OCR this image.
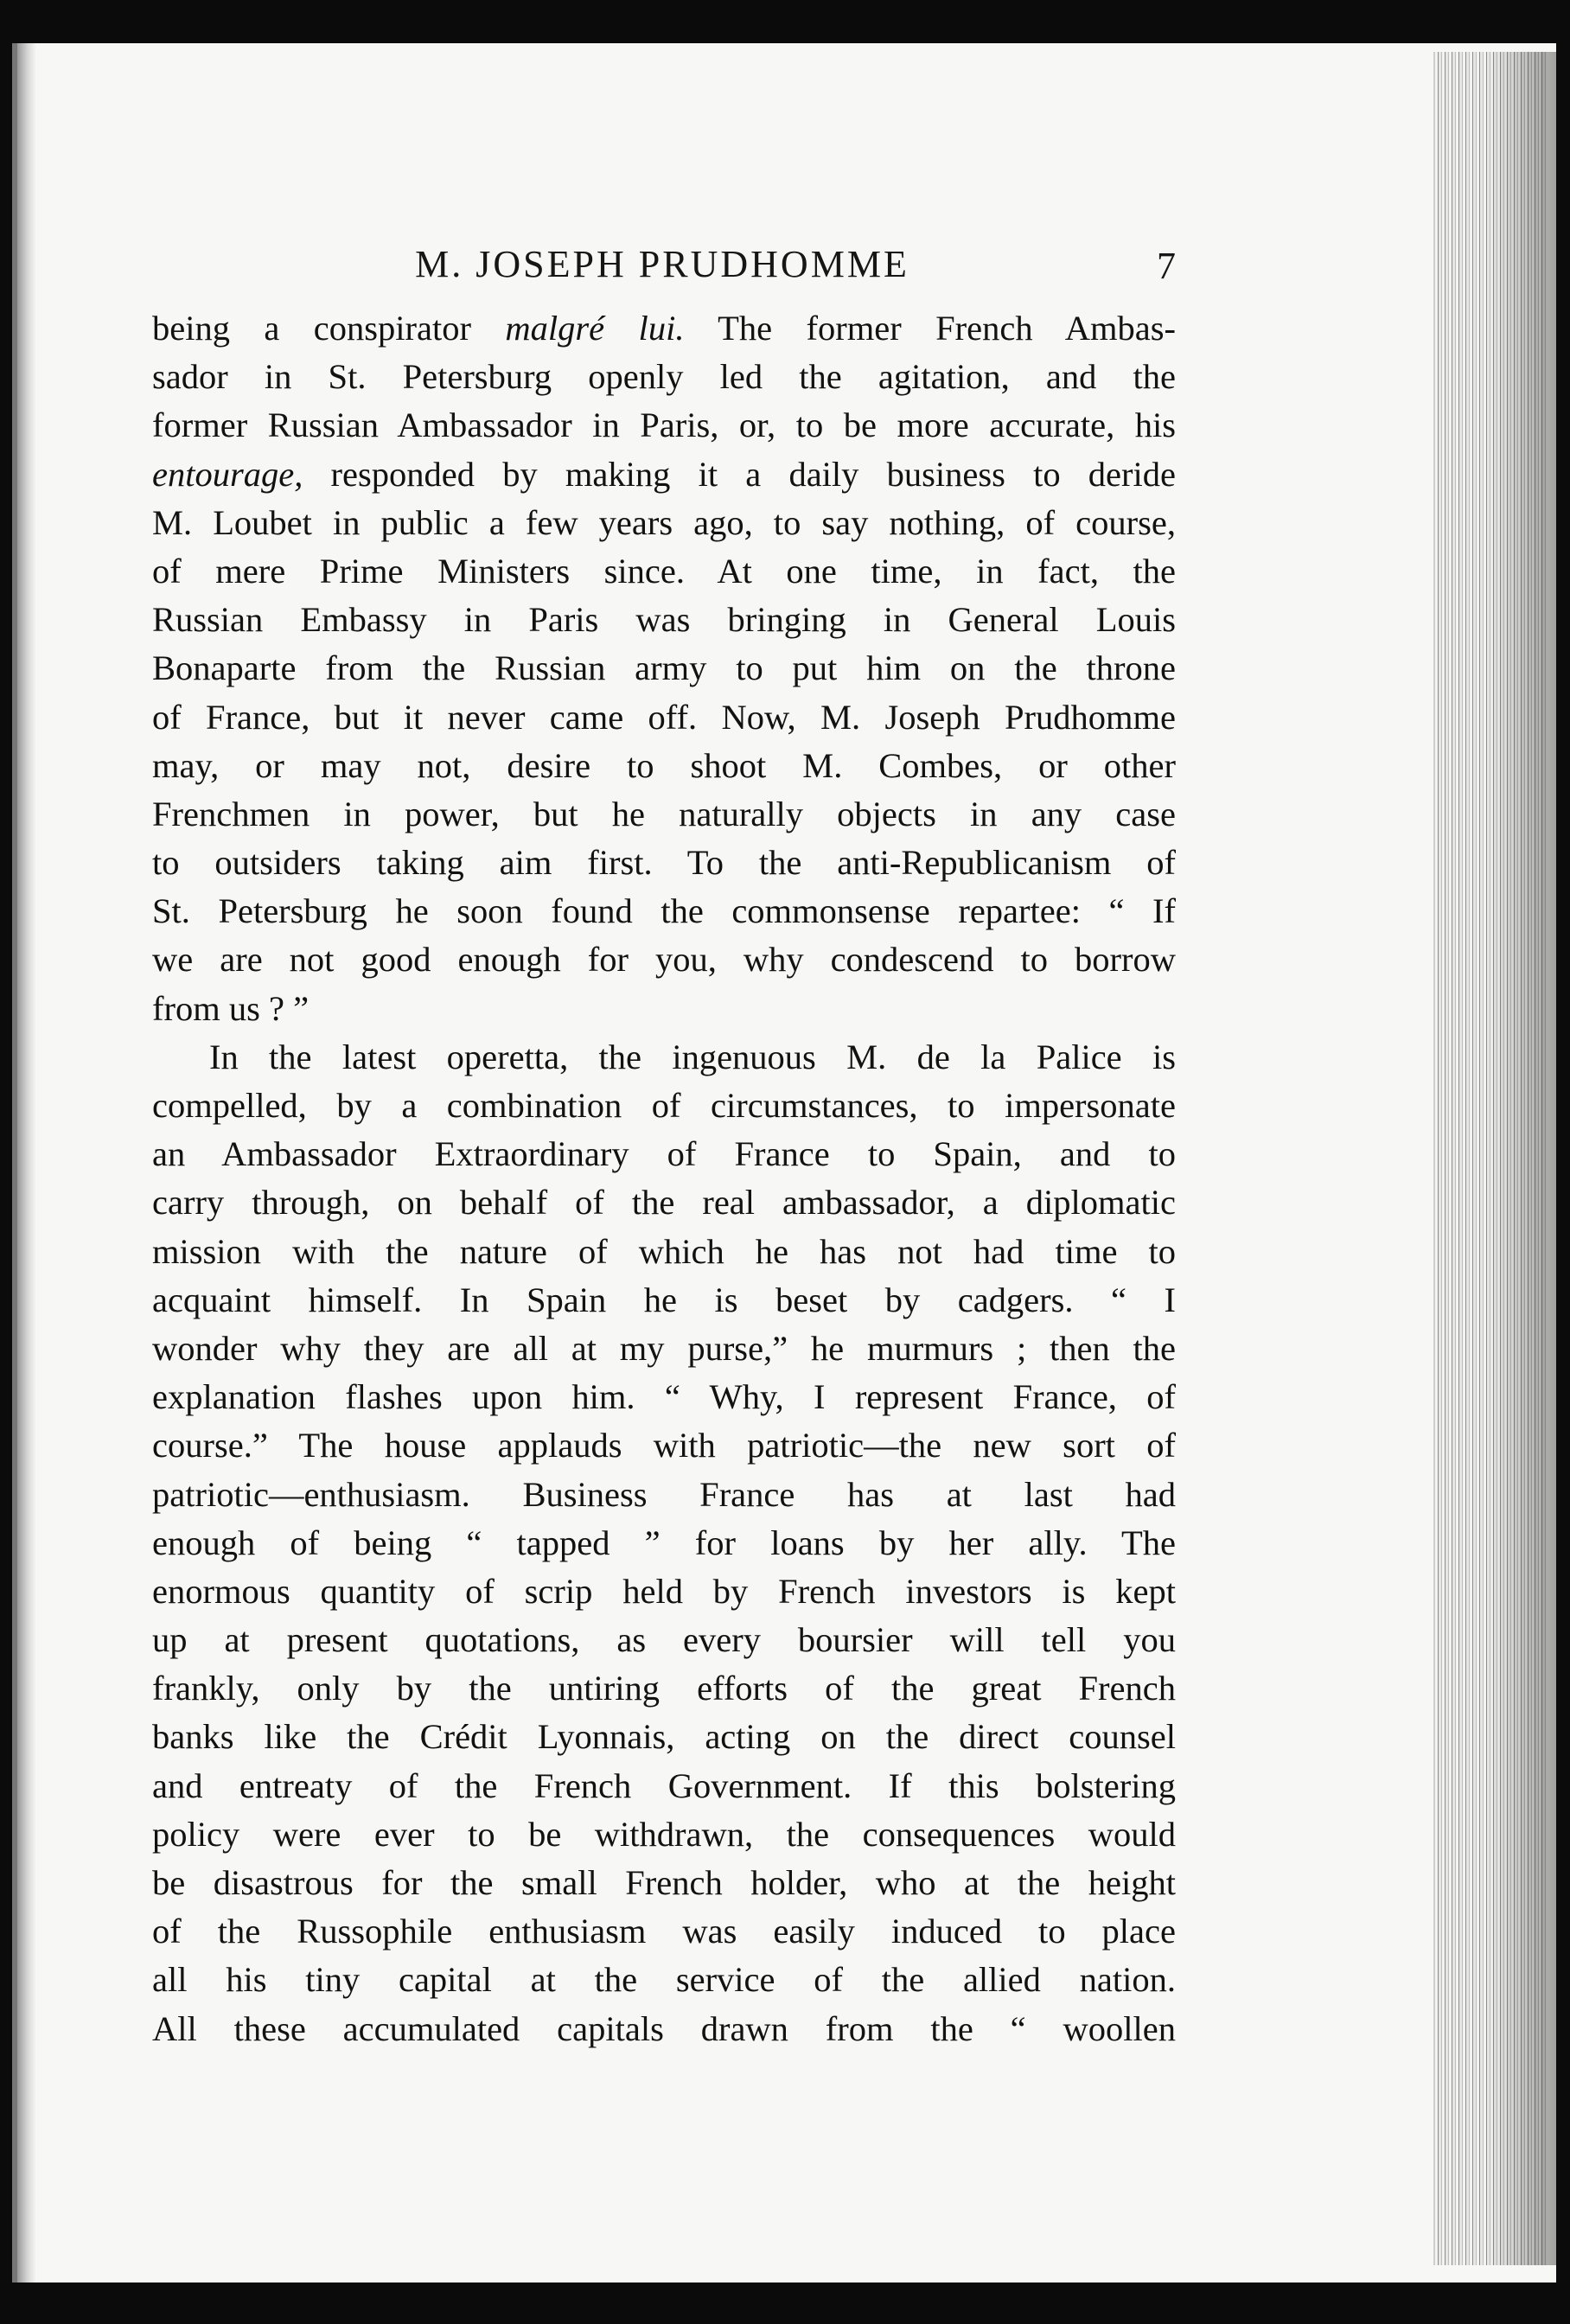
M. JOSEPH PRUDHOMME	7
being a conspirator malgré lui. The former French Ambas-
sador in St. Petersburg openly led the agitation, and the
former Russian Ambassador in Paris, or, to be more accurate, his
entourage, responded by making it a daily business to deride
M. Loubet in public a few years ago, to say nothing, of course,
of mere Prime Ministers since. At one time, in fact, the
Russian Embassy in Paris was bringing in General Louis
Bonaparte from the Russian army to put him on the throne
of France, but it never came off. Now, M. Joseph Prudhomme
may, or may not, desire to shoot M. Combes, or other
Frenchmen in power, but he naturally objects in any case
to outsiders taking aim first. To the anti-Republicanism of
St. Petersburg he soon found the commonsense repartee: “ If
we are not good enough for you, why condescend to borrow
from us ? ”
In the latest operetta, the ingenuous M. de la Palice is
compelled, by a combination of circumstances, to impersonate
an Ambassador Extraordinary of France to Spain, and to
carry through, on behalf of the real ambassador, a diplomatic
mission with the nature of which he has not had time to
acquaint himself. In Spain he is beset by cadgers. “ I
wonder why they are all at my purse,” he murmurs ; then the
explanation flashes upon him. “ Why, I represent France, of
course.” The house applauds with patriotic—the new sort of
patriotic—enthusiasm. Business France has at last had
enough of being “ tapped ” for loans by her ally. The
enormous quantity of scrip held by French investors is kept
up at present quotations, as every boursier will tell you
frankly, only by the untiring efforts of the great French
banks like the Crédit Lyonnais, acting on the direct counsel
and entreaty of the French Government. If this bolstering
policy were ever to be withdrawn, the consequences would
be disastrous for the small French holder, who at the height
of the Russophile enthusiasm was easily induced to place
all his tiny capital at the service of the allied nation.
All these accumulated capitals drawn from the “ woollen
